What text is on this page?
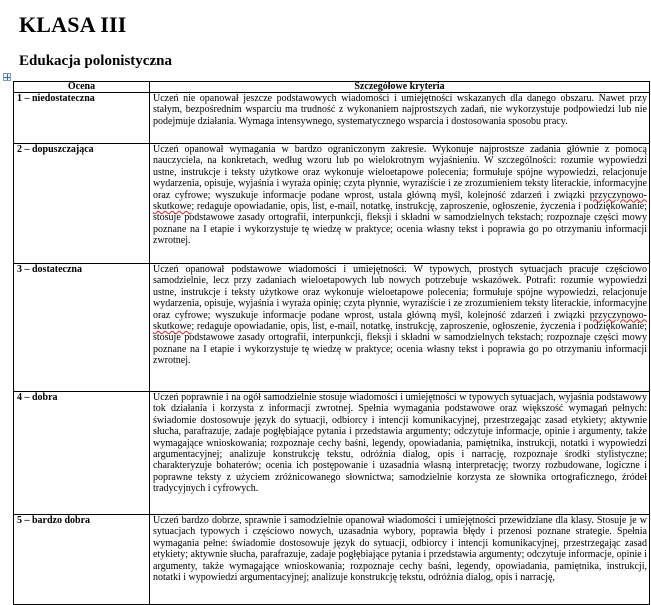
KLASA III
Edukacja polonistyczna
Ocena	Szczegółowe kryteria
1 – niedostateczna	Uczeń nie opanował jeszcze podstawowych wiadomości i umiejętności wskazanych dla danego obszaru. Nawet przy stałym, bezpośrednim wsparciu ma trudność z wykonaniem najprostszych zadań, nie wykorzystuje podpowiedzi lub nie podejmuje działania. Wymaga intensywnego, systematycznego wsparcia i dostosowania sposobu pracy.
2 – dopuszczająca	Uczeń opanował wymagania w bardzo ograniczonym zakresie. Wykonuje najprostsze zadania głównie z pomocą nauczyciela, na konkretach, według wzoru lub po wielokrotnym wyjaśnieniu. W szczególności: rozumie wypowiedzi ustne, instrukcje i teksty użytkowe oraz wykonuje wieloetapowe polecenia; formułuje spójne wypowiedzi, relacjonuje wydarzenia, opisuje, wyjaśnia i wyraża opinię; czyta płynnie, wyraziście i ze zrozumieniem teksty literackie, informacyjne oraz cyfrowe; wyszukuje informacje podane wprost, ustala główną myśl, kolejność zdarzeń i związki przyczynowo-skutkowe; redaguje opowiadanie, opis, list, e-mail, notatkę, instrukcję, zaproszenie, ogłoszenie, życzenia i podziękowanie; stosuje podstawowe zasady ortografii, interpunkcji, fleksji i składni w samodzielnych tekstach; rozpoznaje części mowy poznane na I etapie i wykorzystuje tę wiedzę w praktyce; ocenia własny tekst i poprawia go po otrzymaniu informacji zwrotnej.
3 – dostateczna	Uczeń opanował podstawowe wiadomości i umiejętności. W typowych, prostych sytuacjach pracuje częściowo samodzielnie, lecz przy zadaniach wieloetapowych lub nowych potrzebuje wskazówek. Potrafi: rozumie wypowiedzi ustne, instrukcje i teksty użytkowe oraz wykonuje wieloetapowe polecenia; formułuje spójne wypowiedzi, relacjonuje wydarzenia, opisuje, wyjaśnia i wyraża opinię; czyta płynnie, wyraziście i ze zrozumieniem teksty literackie, informacyjne oraz cyfrowe; wyszukuje informacje podane wprost, ustala główną myśl, kolejność zdarzeń i związki przyczynowo-skutkowe; redaguje opowiadanie, opis, list, e-mail, notatkę, instrukcję, zaproszenie, ogłoszenie, życzenia i podziękowanie; stosuje podstawowe zasady ortografii, interpunkcji, fleksji i składni w samodzielnych tekstach; rozpoznaje części mowy poznane na I etapie i wykorzystuje tę wiedzę w praktyce; ocenia własny tekst i poprawia go po otrzymaniu informacji zwrotnej.
4 – dobra	Uczeń poprawnie i na ogół samodzielnie stosuje wiadomości i umiejętności w typowych sytuacjach, wyjaśnia podstawowy tok działania i korzysta z informacji zwrotnej. Spełnia wymagania podstawowe oraz większość wymagań pełnych: świadomie dostosowuje język do sytuacji, odbiorcy i intencji komunikacyjnej, przestrzegając zasad etykiety; aktywnie słucha, parafrazuje, zadaje pogłębiające pytania i przedstawia argumenty; odczytuje informacje, opinie i argumenty, także wymagające wnioskowania; rozpoznaje cechy baśni, legendy, opowiadania, pamiętnika, instrukcji, notatki i wypowiedzi argumentacyjnej; analizuje konstrukcję tekstu, odróżnia dialog, opis i narrację, rozpoznaje środki stylistyczne; charakteryzuje bohaterów; ocenia ich postępowanie i uzasadnia własną interpretację; tworzy rozbudowane, logiczne i poprawne teksty z użyciem zróżnicowanego słownictwa; samodzielnie korzysta ze słownika ortograficznego, źródeł tradycyjnych i cyfrowych.
5 – bardzo dobra	Uczeń bardzo dobrze, sprawnie i samodzielnie opanował wiadomości i umiejętności przewidziane dla klasy. Stosuje je w sytuacjach typowych i częściowo nowych, uzasadnia wybory, poprawia błędy i przenosi poznane strategie. Spełnia wymagania pełne: świadomie dostosowuje język do sytuacji, odbiorcy i intencji komunikacyjnej, przestrzegając zasad etykiety; aktywnie słucha, parafrazuje, zadaje pogłębiające pytania i przedstawia argumenty; odczytuje informacje, opinie i argumenty, także wymagające wnioskowania; rozpoznaje cechy baśni, legendy, opowiadania, pamiętnika, instrukcji, notatki i wypowiedzi argumentacyjnej; analizuje konstrukcję tekstu, odróżnia dialog, opis i narrację,
